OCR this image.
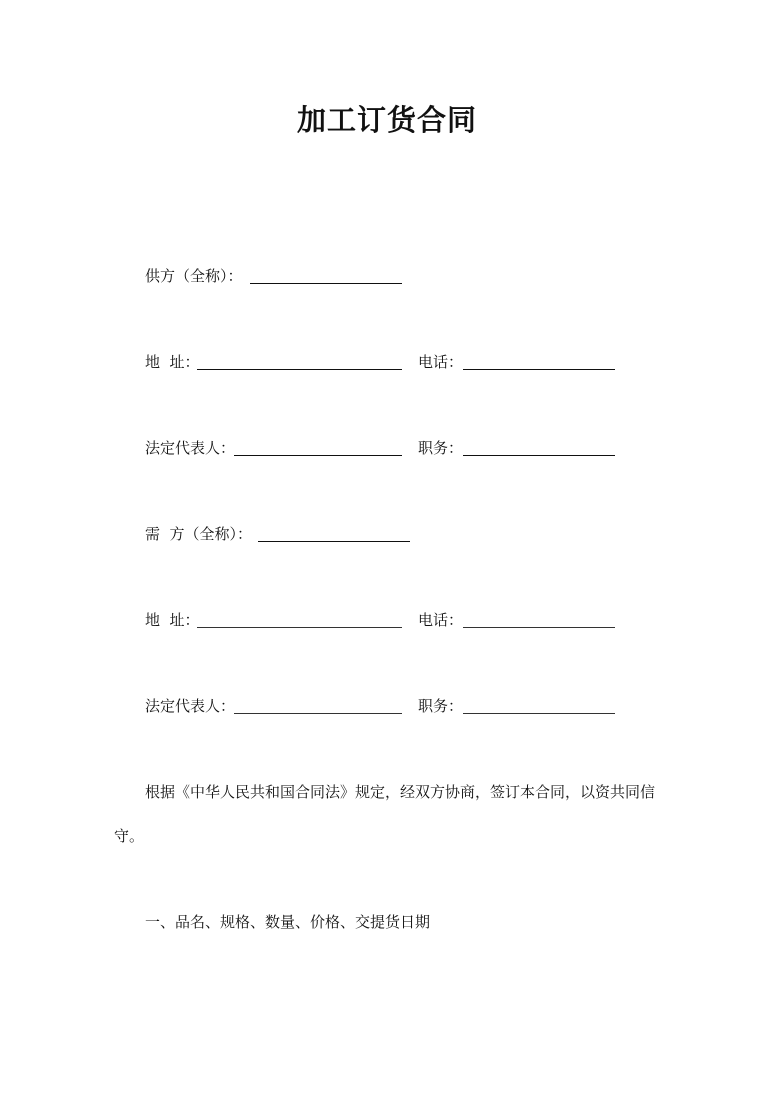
加工订货合同
供方（全称）：
地  址：	电话：
法定代表人：	职务：
需  方（全称）：
地  址：	电话：
法定代表人：	职务：
根据《中华人民共和国合同法》规定，经双方协商，签订本合同，以资共同信
守。
一、品名、规格、数量、价格、交提货日期
